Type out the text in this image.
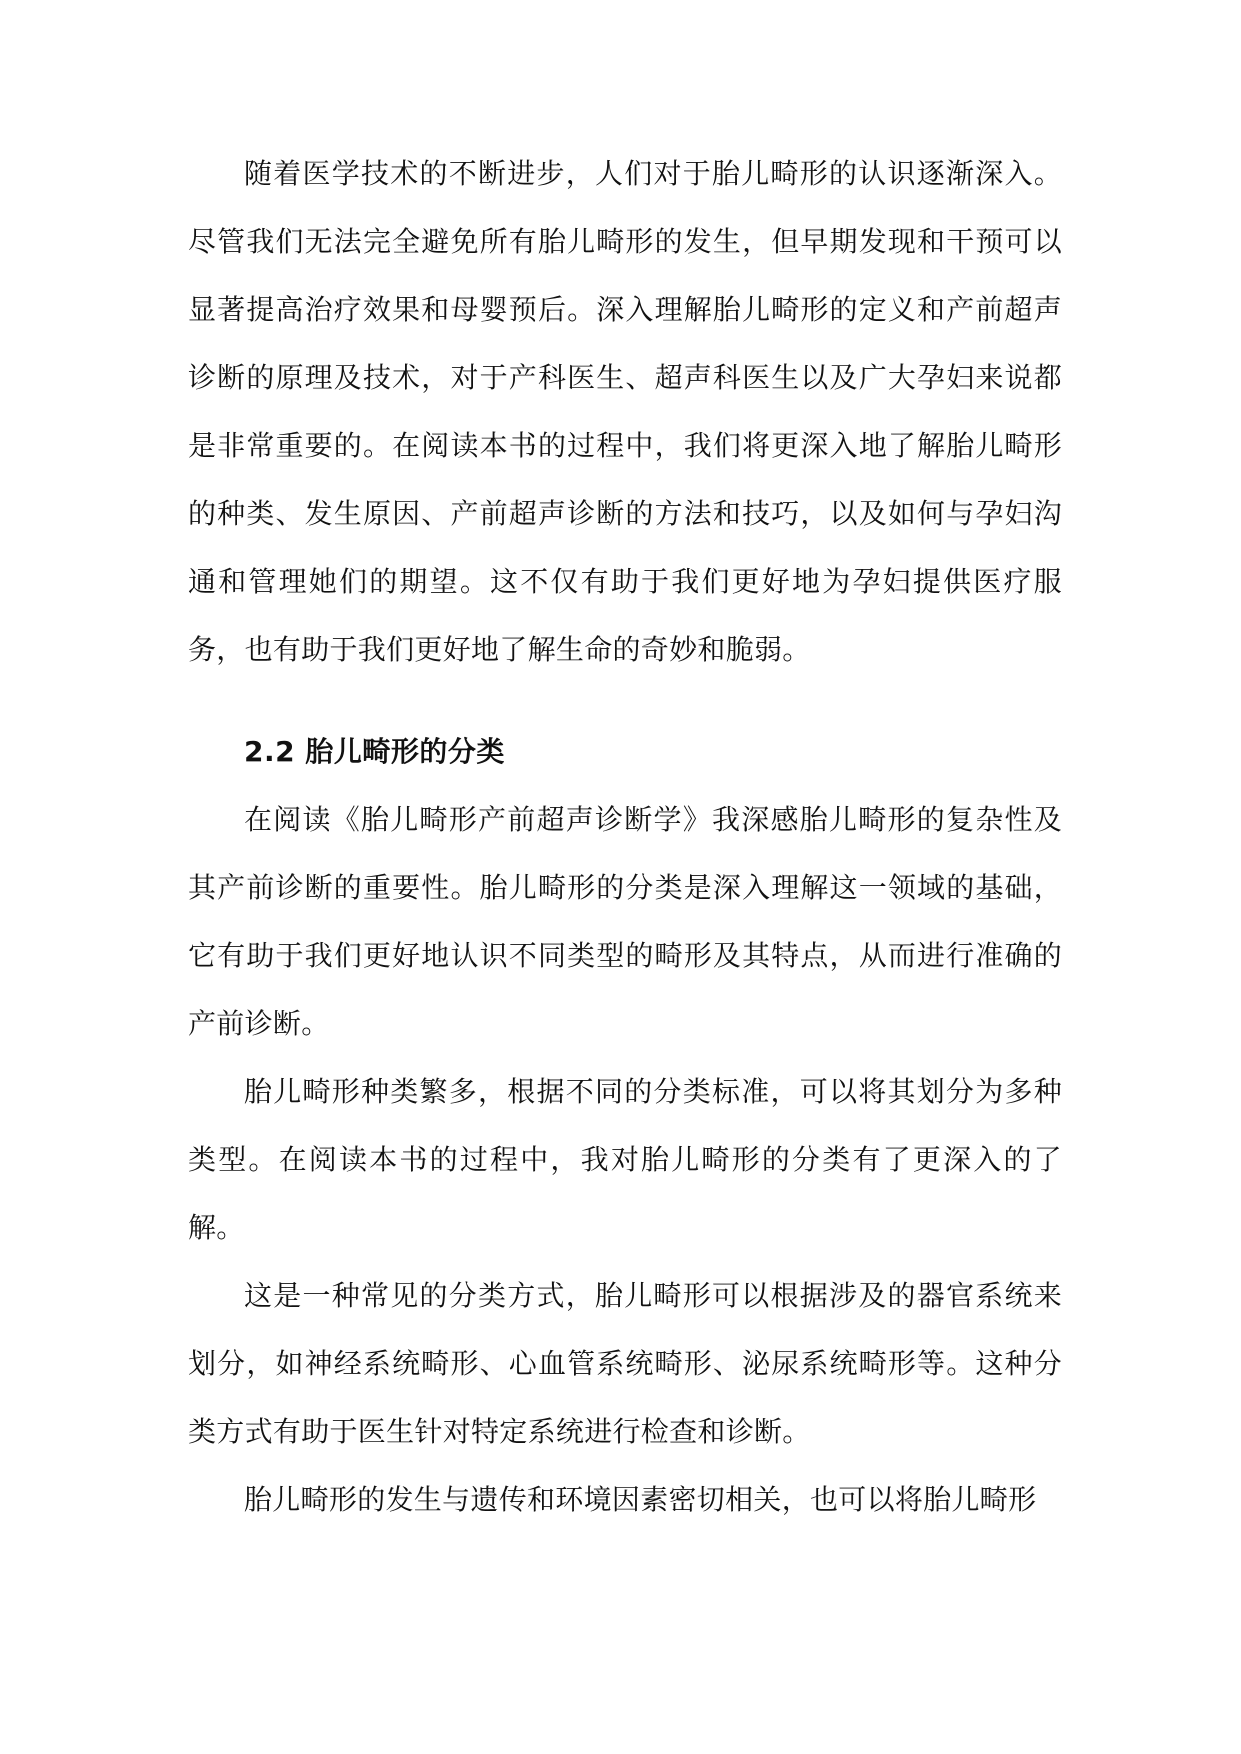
随着医学技术的不断进步，人们对于胎儿畸形的认识逐渐深入。尽管我们无法完全避免所有胎儿畸形的发生，但早期发现和干预可以显著提高治疗效果和母婴预后。深入理解胎儿畸形的定义和产前超声诊断的原理及技术，对于产科医生、超声科医生以及广大孕妇来说都是非常重要的。在阅读本书的过程中，我们将更深入地了解胎儿畸形的种类、发生原因、产前超声诊断的方法和技巧，以及如何与孕妇沟通和管理她们的期望。这不仅有助于我们更好地为孕妇提供医疗服务，也有助于我们更好地了解生命的奇妙和脆弱。

2.2 胎儿畸形的分类

在阅读《胎儿畸形产前超声诊断学》我深感胎儿畸形的复杂性及其产前诊断的重要性。胎儿畸形的分类是深入理解这一领域的基础，它有助于我们更好地认识不同类型的畸形及其特点，从而进行准确的产前诊断。

胎儿畸形种类繁多，根据不同的分类标准，可以将其划分为多种类型。在阅读本书的过程中，我对胎儿畸形的分类有了更深入的了解。

这是一种常见的分类方式，胎儿畸形可以根据涉及的器官系统来划分，如神经系统畸形、心血管系统畸形、泌尿系统畸形等。这种分类方式有助于医生针对特定系统进行检查和诊断。

胎儿畸形的发生与遗传和环境因素密切相关，也可以将胎儿畸形
